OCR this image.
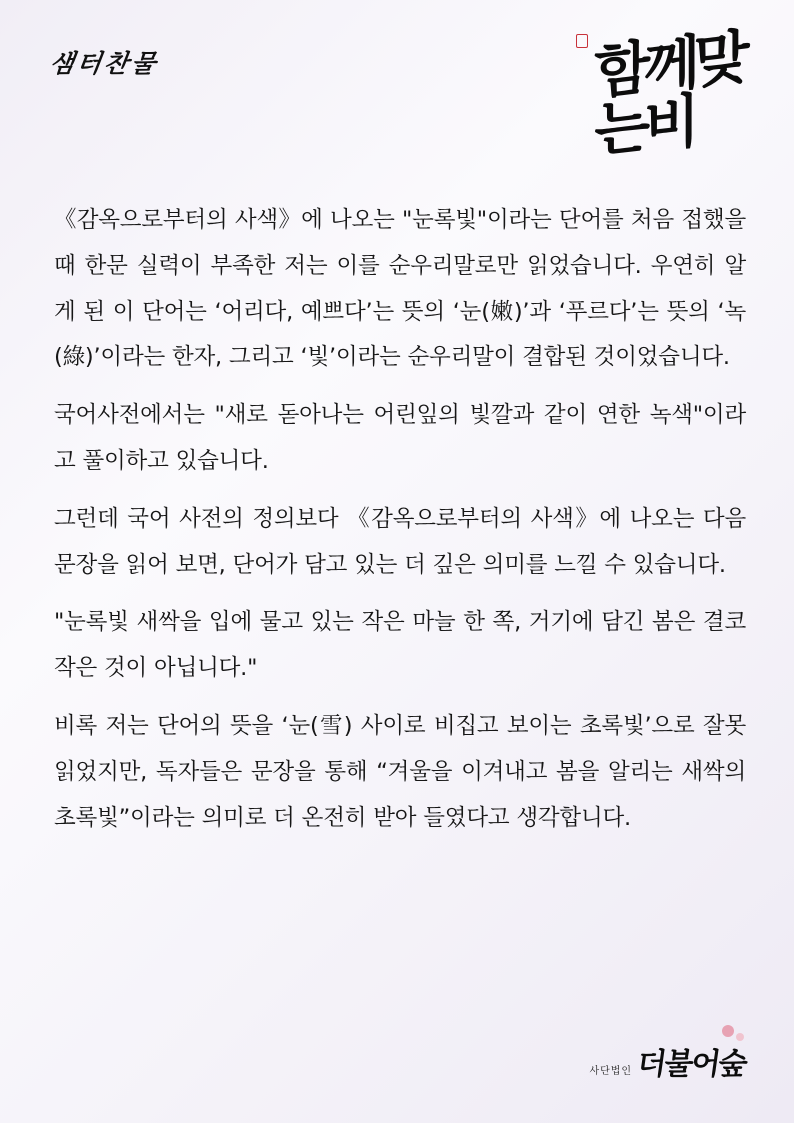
샘터찬물	함께맞는비

《감옥으로부터의 사색》에 나오는 "눈록빛"이라는 단어를 처음 접했을 때 한문 실력이 부족한 저는 이를 순우리말로만 읽었습니다. 우연히 알게 된 이 단어는 ‘어리다, 예쁘다’는 뜻의 ‘눈(嫩)’과 ‘푸르다’는 뜻의 ‘녹(綠)’이라는 한자, 그리고 ‘빛’이라는 순우리말이 결합된 것이었습니다.

국어사전에서는 "새로 돋아나는 어린잎의 빛깔과 같이 연한 녹색"이라고 풀이하고 있습니다.

그런데 국어 사전의 정의보다 《감옥으로부터의 사색》에 나오는 다음 문장을 읽어 보면, 단어가 담고 있는 더 깊은 의미를 느낄 수 있습니다.

"눈록빛 새싹을 입에 물고 있는 작은 마늘 한 쪽, 거기에 담긴 봄은 결코 작은 것이 아닙니다."

비록 저는 단어의 뜻을 ‘눈(雪) 사이로 비집고 보이는 초록빛’으로 잘못 읽었지만, 독자들은 문장을 통해 “겨울을 이겨내고 봄을 알리는 새싹의 초록빛”이라는 의미로 더 온전히 받아 들였다고 생각합니다.

사단법인 더불어숲
